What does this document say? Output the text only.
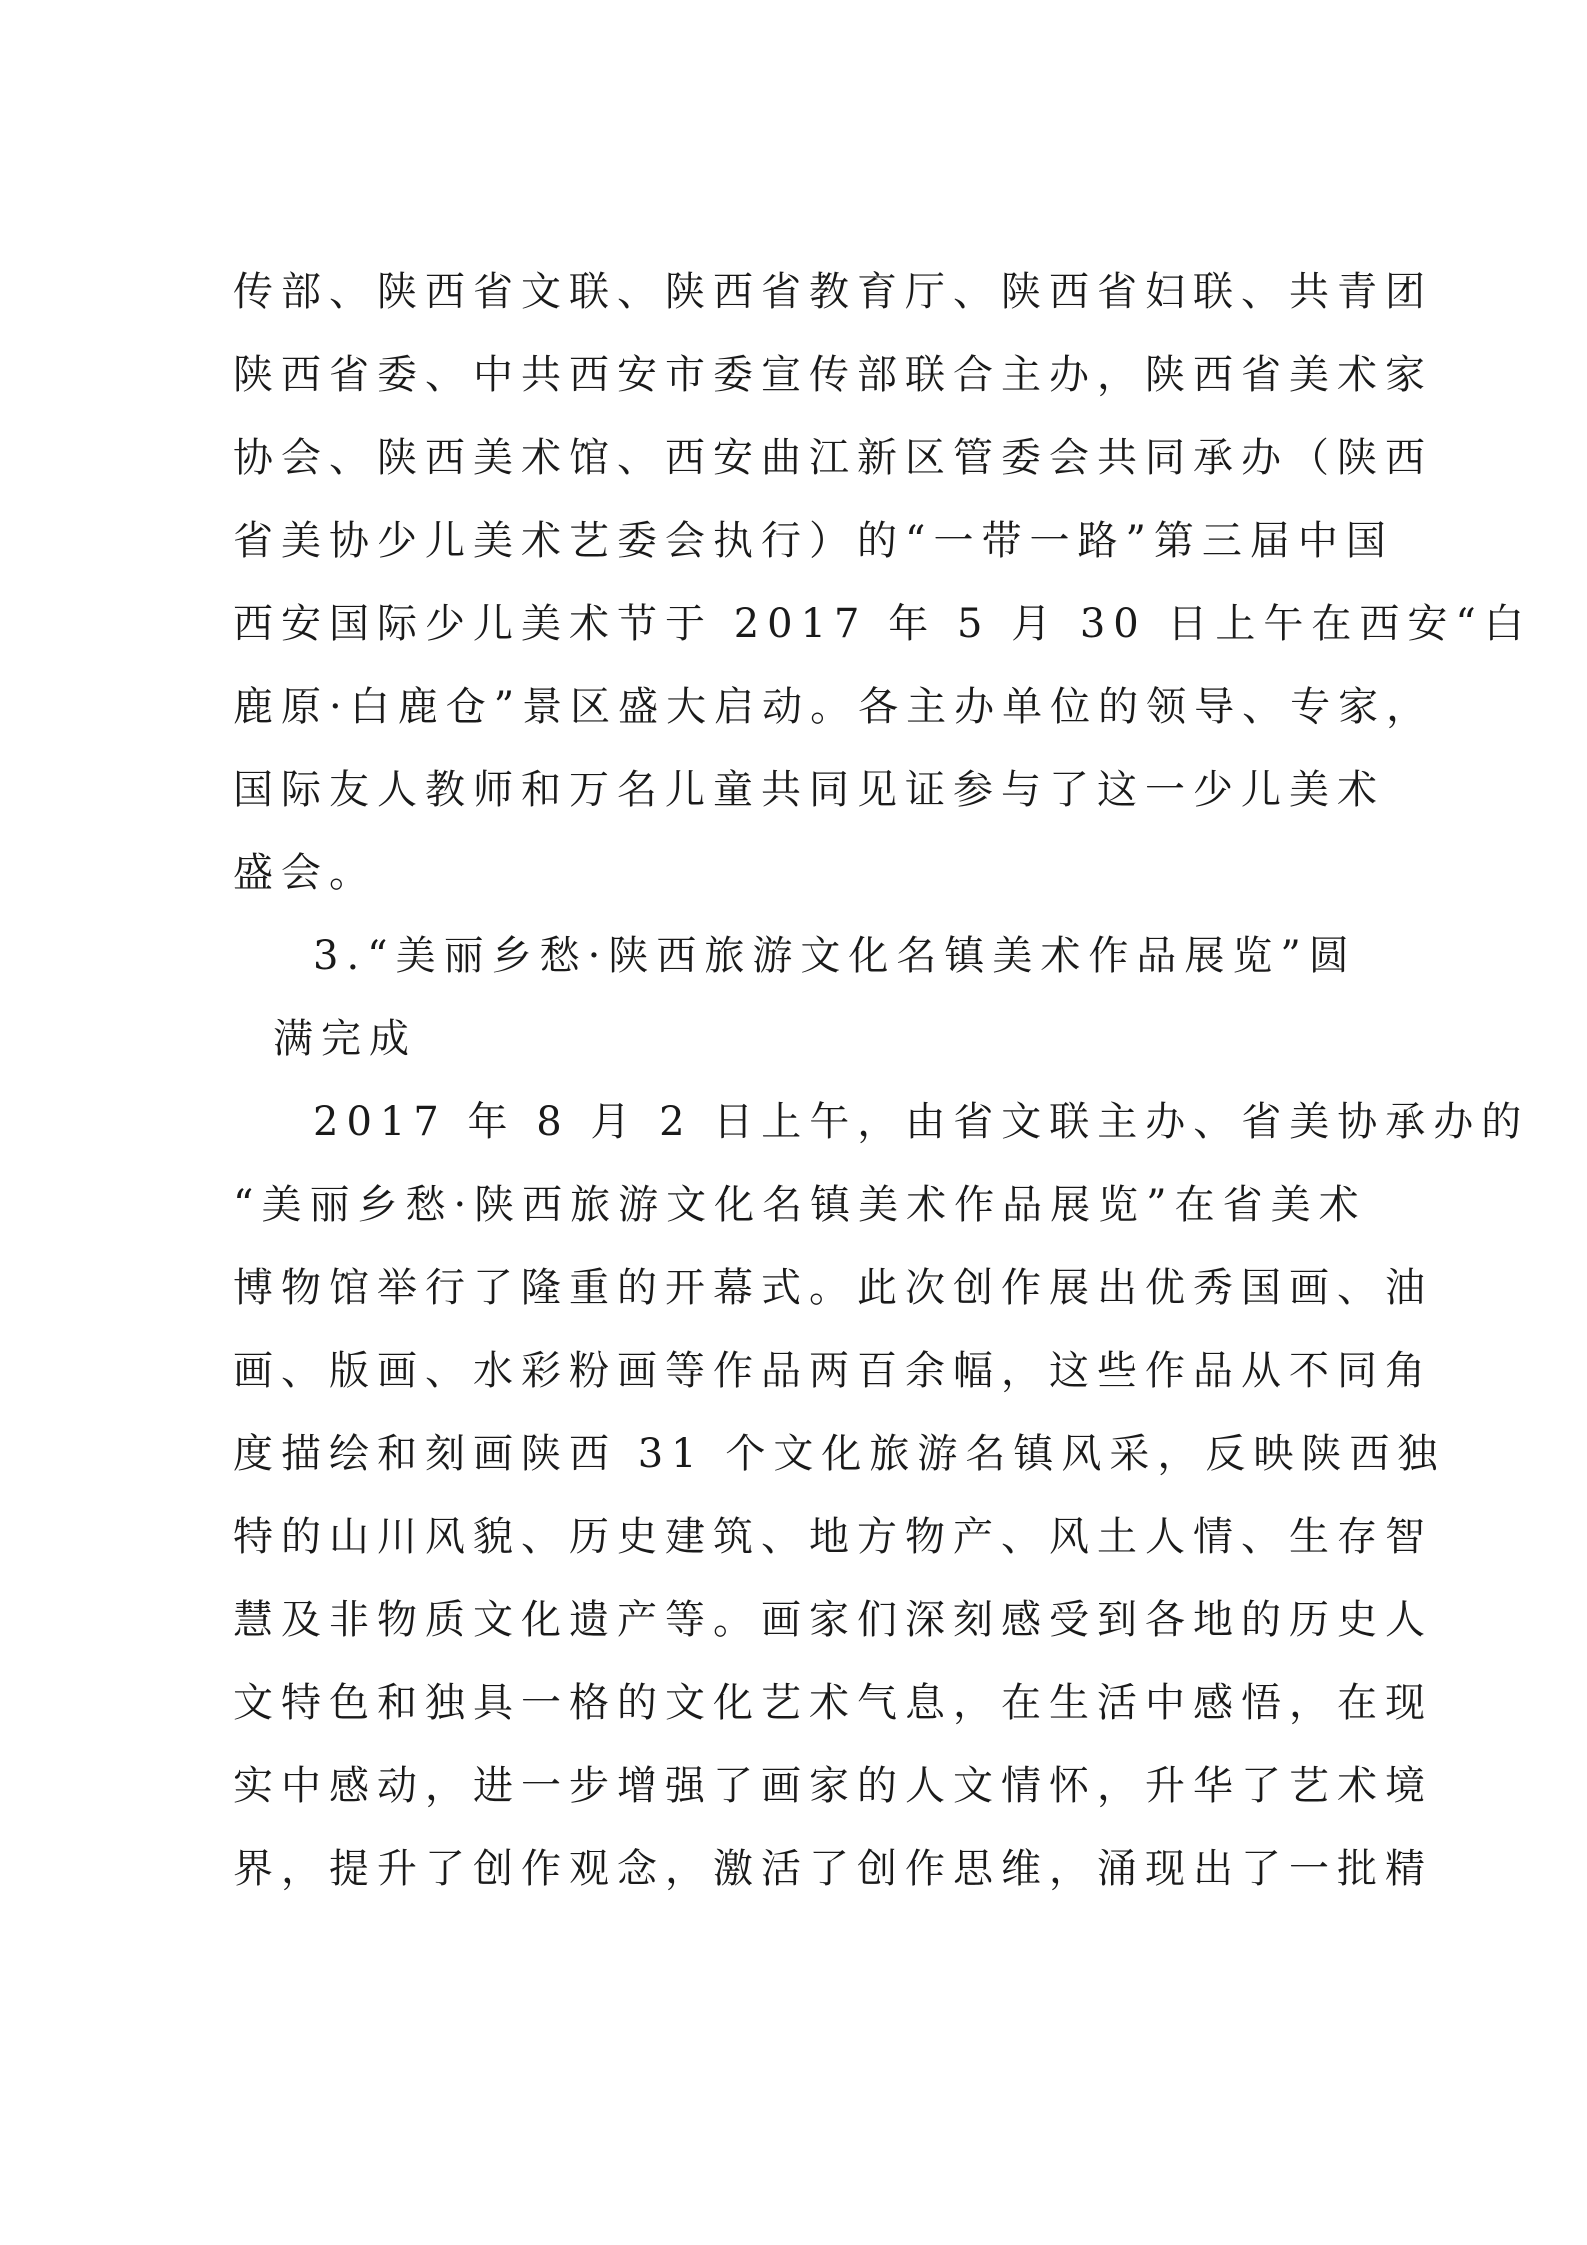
传部、陕西省文联、陕西省教育厅、陕西省妇联、共青团
陕西省委、中共西安市委宣传部联合主办，陕西省美术家
协会、陕西美术馆、西安曲江新区管委会共同承办（陕西
省美协少儿美术艺委会执行）的“一带一路”第三届中国
西安国际少儿美术节于 2017 年 5 月 30 日上午在西安“白
鹿原·白鹿仓”景区盛大启动。各主办单位的领导、专家，
国际友人教师和万名儿童共同见证参与了这一少儿美术
盛会。
3.“美丽乡愁·陕西旅游文化名镇美术作品展览”圆
满完成
2017 年 8 月 2 日上午，由省文联主办、省美协承办的
“美丽乡愁·陕西旅游文化名镇美术作品展览”在省美术
博物馆举行了隆重的开幕式。此次创作展出优秀国画、油
画、版画、水彩粉画等作品两百余幅，这些作品从不同角
度描绘和刻画陕西 31 个文化旅游名镇风采，反映陕西独
特的山川风貌、历史建筑、地方物产、风土人情、生存智
慧及非物质文化遗产等。画家们深刻感受到各地的历史人
文特色和独具一格的文化艺术气息，在生活中感悟，在现
实中感动，进一步增强了画家的人文情怀，升华了艺术境
界，提升了创作观念，激活了创作思维，涌现出了一批精
